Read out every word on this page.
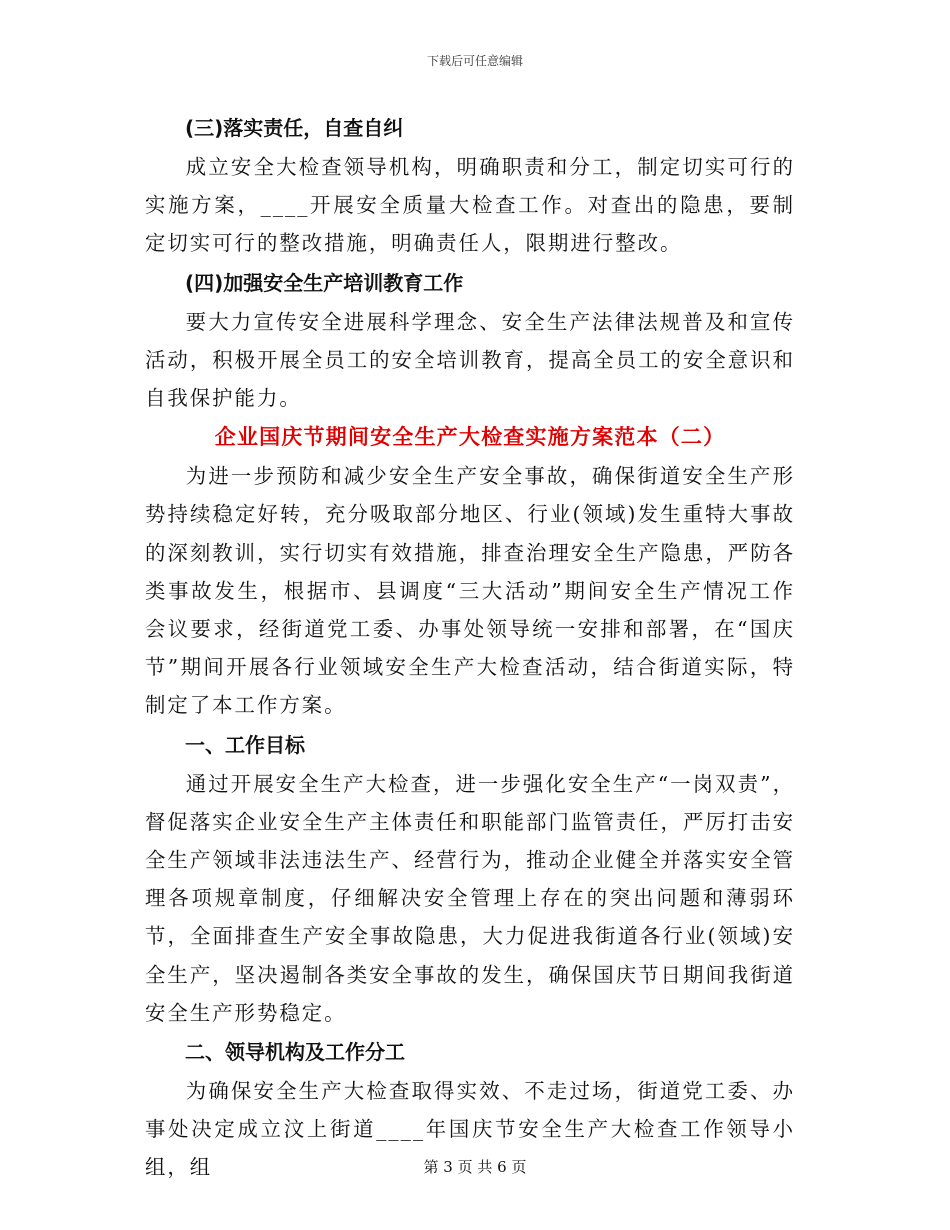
下载后可任意编辑

(三)落实责任，自查自纠

成立安全大检查领导机构，明确职责和分工，制定切实可行的实施方案，____开展安全质量大检查工作。对查出的隐患，要制定切实可行的整改措施，明确责任人，限期进行整改。

(四)加强安全生产培训教育工作

要大力宣传安全进展科学理念、安全生产法律法规普及和宣传活动，积极开展全员工的安全培训教育，提高全员工的安全意识和自我保护能力。

企业国庆节期间安全生产大检查实施方案范本（二）

为进一步预防和减少安全生产安全事故，确保街道安全生产形势持续稳定好转，充分吸取部分地区、行业(领域)发生重特大事故的深刻教训，实行切实有效措施，排查治理安全生产隐患，严防各类事故发生，根据市、县调度“三大活动”期间安全生产情况工作会议要求，经街道党工委、办事处领导统一安排和部署，在“国庆节”期间开展各行业领域安全生产大检查活动，结合街道实际，特制定了本工作方案。

一、工作目标

通过开展安全生产大检查，进一步强化安全生产“一岗双责”，督促落实企业安全生产主体责任和职能部门监管责任，严厉打击安全生产领域非法违法生产、经营行为，推动企业健全并落实安全管理各项规章制度，仔细解决安全管理上存在的突出问题和薄弱环节，全面排查生产安全事故隐患，大力促进我街道各行业(领域)安全生产，坚决遏制各类安全事故的发生，确保国庆节日期间我街道安全生产形势稳定。

二、领导机构及工作分工

为确保安全生产大检查取得实效、不走过场，街道党工委、办事处决定成立汶上街道____年国庆节安全生产大检查工作领导小组，组	第 3 页 共 6 页
